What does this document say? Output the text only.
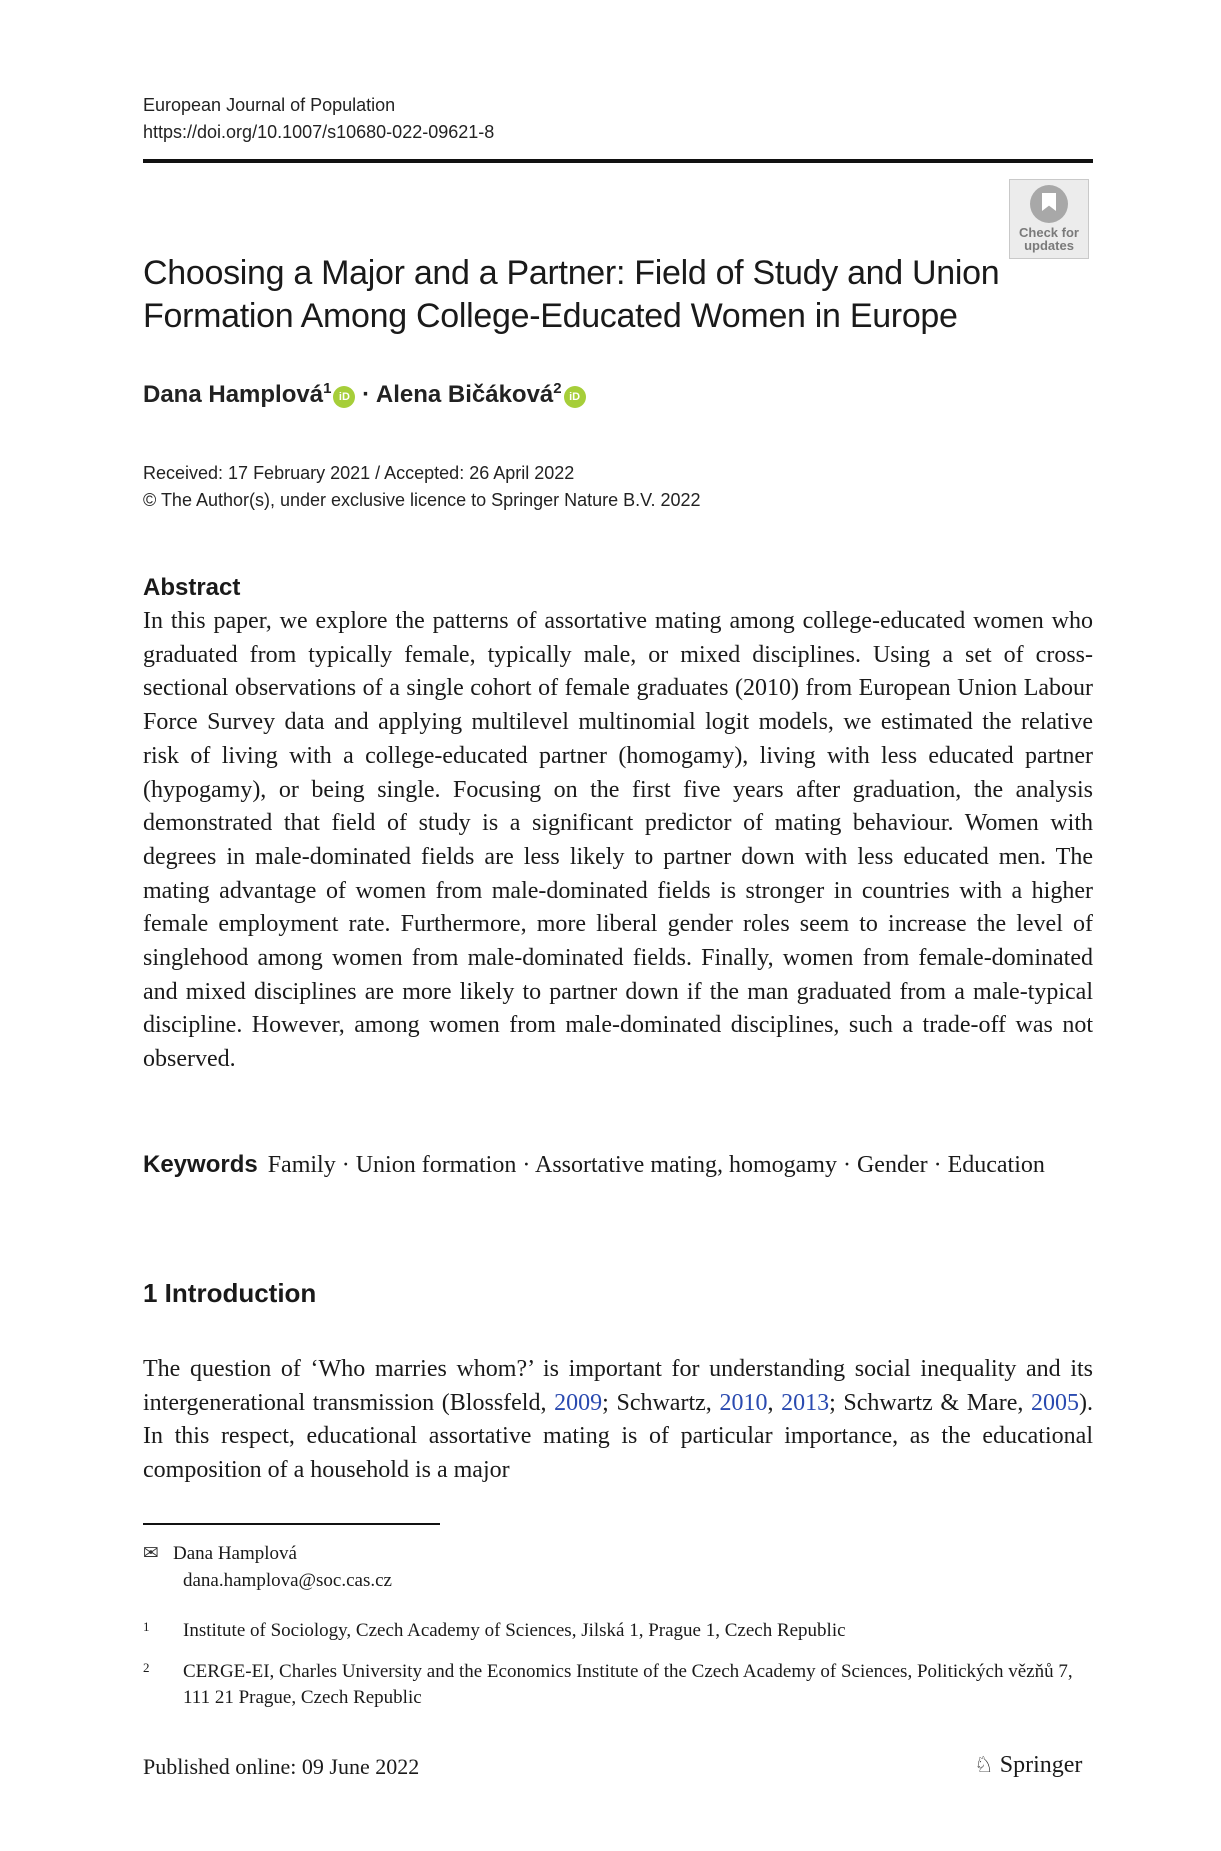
European Journal of Population
https://doi.org/10.1007/s10680-022-09621-8
Check for
updates
Choosing a Major and a Partner: Field of Study and Union
Formation Among College-Educated Women in Europe
Dana Hamplová$^1$ iD · Alena Bičáková$^2$ iD
Received: 17 February 2021 / Accepted: 26 April 2022
© The Author(s), under exclusive licence to Springer Nature B.V. 2022
Abstract
In this paper, we explore the patterns of assortative mating among college-educated women who graduated from typically female, typically male, or mixed disciplines. Using a set of cross-sectional observations of a single cohort of female graduates (2010) from European Union Labour Force Survey data and applying multilevel multinomial logit models, we estimated the relative risk of living with a college-educated partner (homogamy), living with less educated partner (hypogamy), or being single. Focusing on the first five years after graduation, the analysis demonstrated that field of study is a significant predictor of mating behaviour. Women with degrees in male-dominated fields are less likely to partner down with less educated men. The mating advantage of women from male-dominated fields is stronger in countries with a higher female employment rate. Furthermore, more liberal gender roles seem to increase the level of singlehood among women from male-dominated fields. Finally, women from female-dominated and mixed disciplines are more likely to partner down if the man graduated from a male-typical discipline. However, among women from male-dominated disciplines, such a trade-off was not observed.
Keywords Family · Union formation · Assortative mating, homogamy · Gender · Education
1 Introduction
The question of ‘Who marries whom?’ is important for understanding social inequality and its intergenerational transmission (Blossfeld, 2009; Schwartz, 2010, 2013; Schwartz & Mare, 2005). In this respect, educational assortative mating is of particular importance, as the educational composition of a household is a major
✉ Dana Hamplová
dana.hamplova@soc.cas.cz
1 Institute of Sociology, Czech Academy of Sciences, Jilská 1, Prague 1, Czech Republic
2 CERGE-EI, Charles University and the Economics Institute of the Czech Academy of Sciences, Politických vězňů 7, 111 21 Prague, Czech Republic
Published online: 09 June 2022	♘ Springer
